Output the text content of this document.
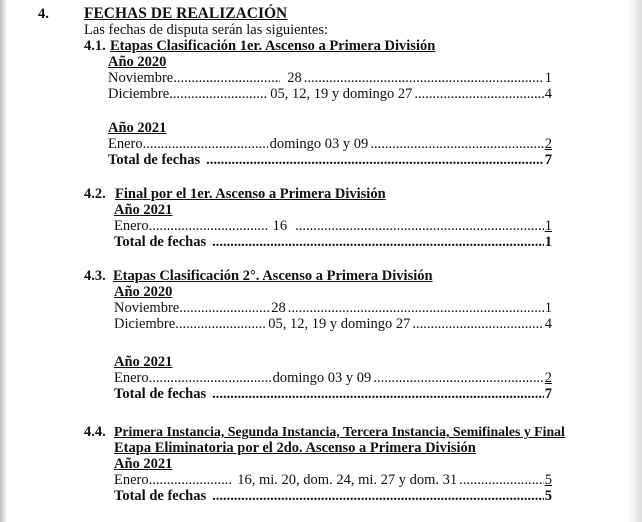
4. FECHAS DE REALIZACIÓN
Las fechas de disputa serán las siguientes:
4.1. Etapas Clasificación 1er. Ascenso a Primera División
Año 2020
Noviembre .....	28 .....	1
Diciembre .....	05, 12, 19 y domingo 27 .....	4
Año 2021
Enero .....	domingo 03 y 09 .....	2
Total de fechas .....	7
4.2. Final por el 1er. Ascenso a Primera División
Año 2021
Enero .....	16 .....	1
Total de fechas .....	1
4.3. Etapas Clasificación 2°. Ascenso a Primera División
Año 2020
Noviembre .....	28 .....	1
Diciembre .....	05, 12, 19 y domingo 27 .....	4
Año 2021
Enero .....	domingo 03 y 09 .....	2
Total de fechas .....	7
4.4. Primera Instancia, Segunda Instancia, Tercera Instancia, Semifinales y Final
Etapa Eliminatoria por el 2do. Ascenso a Primera División
Año 2021
Enero .....	16, mi. 20, dom. 24, mi. 27 y dom. 31 .....	5
Total de fechas .....	5
